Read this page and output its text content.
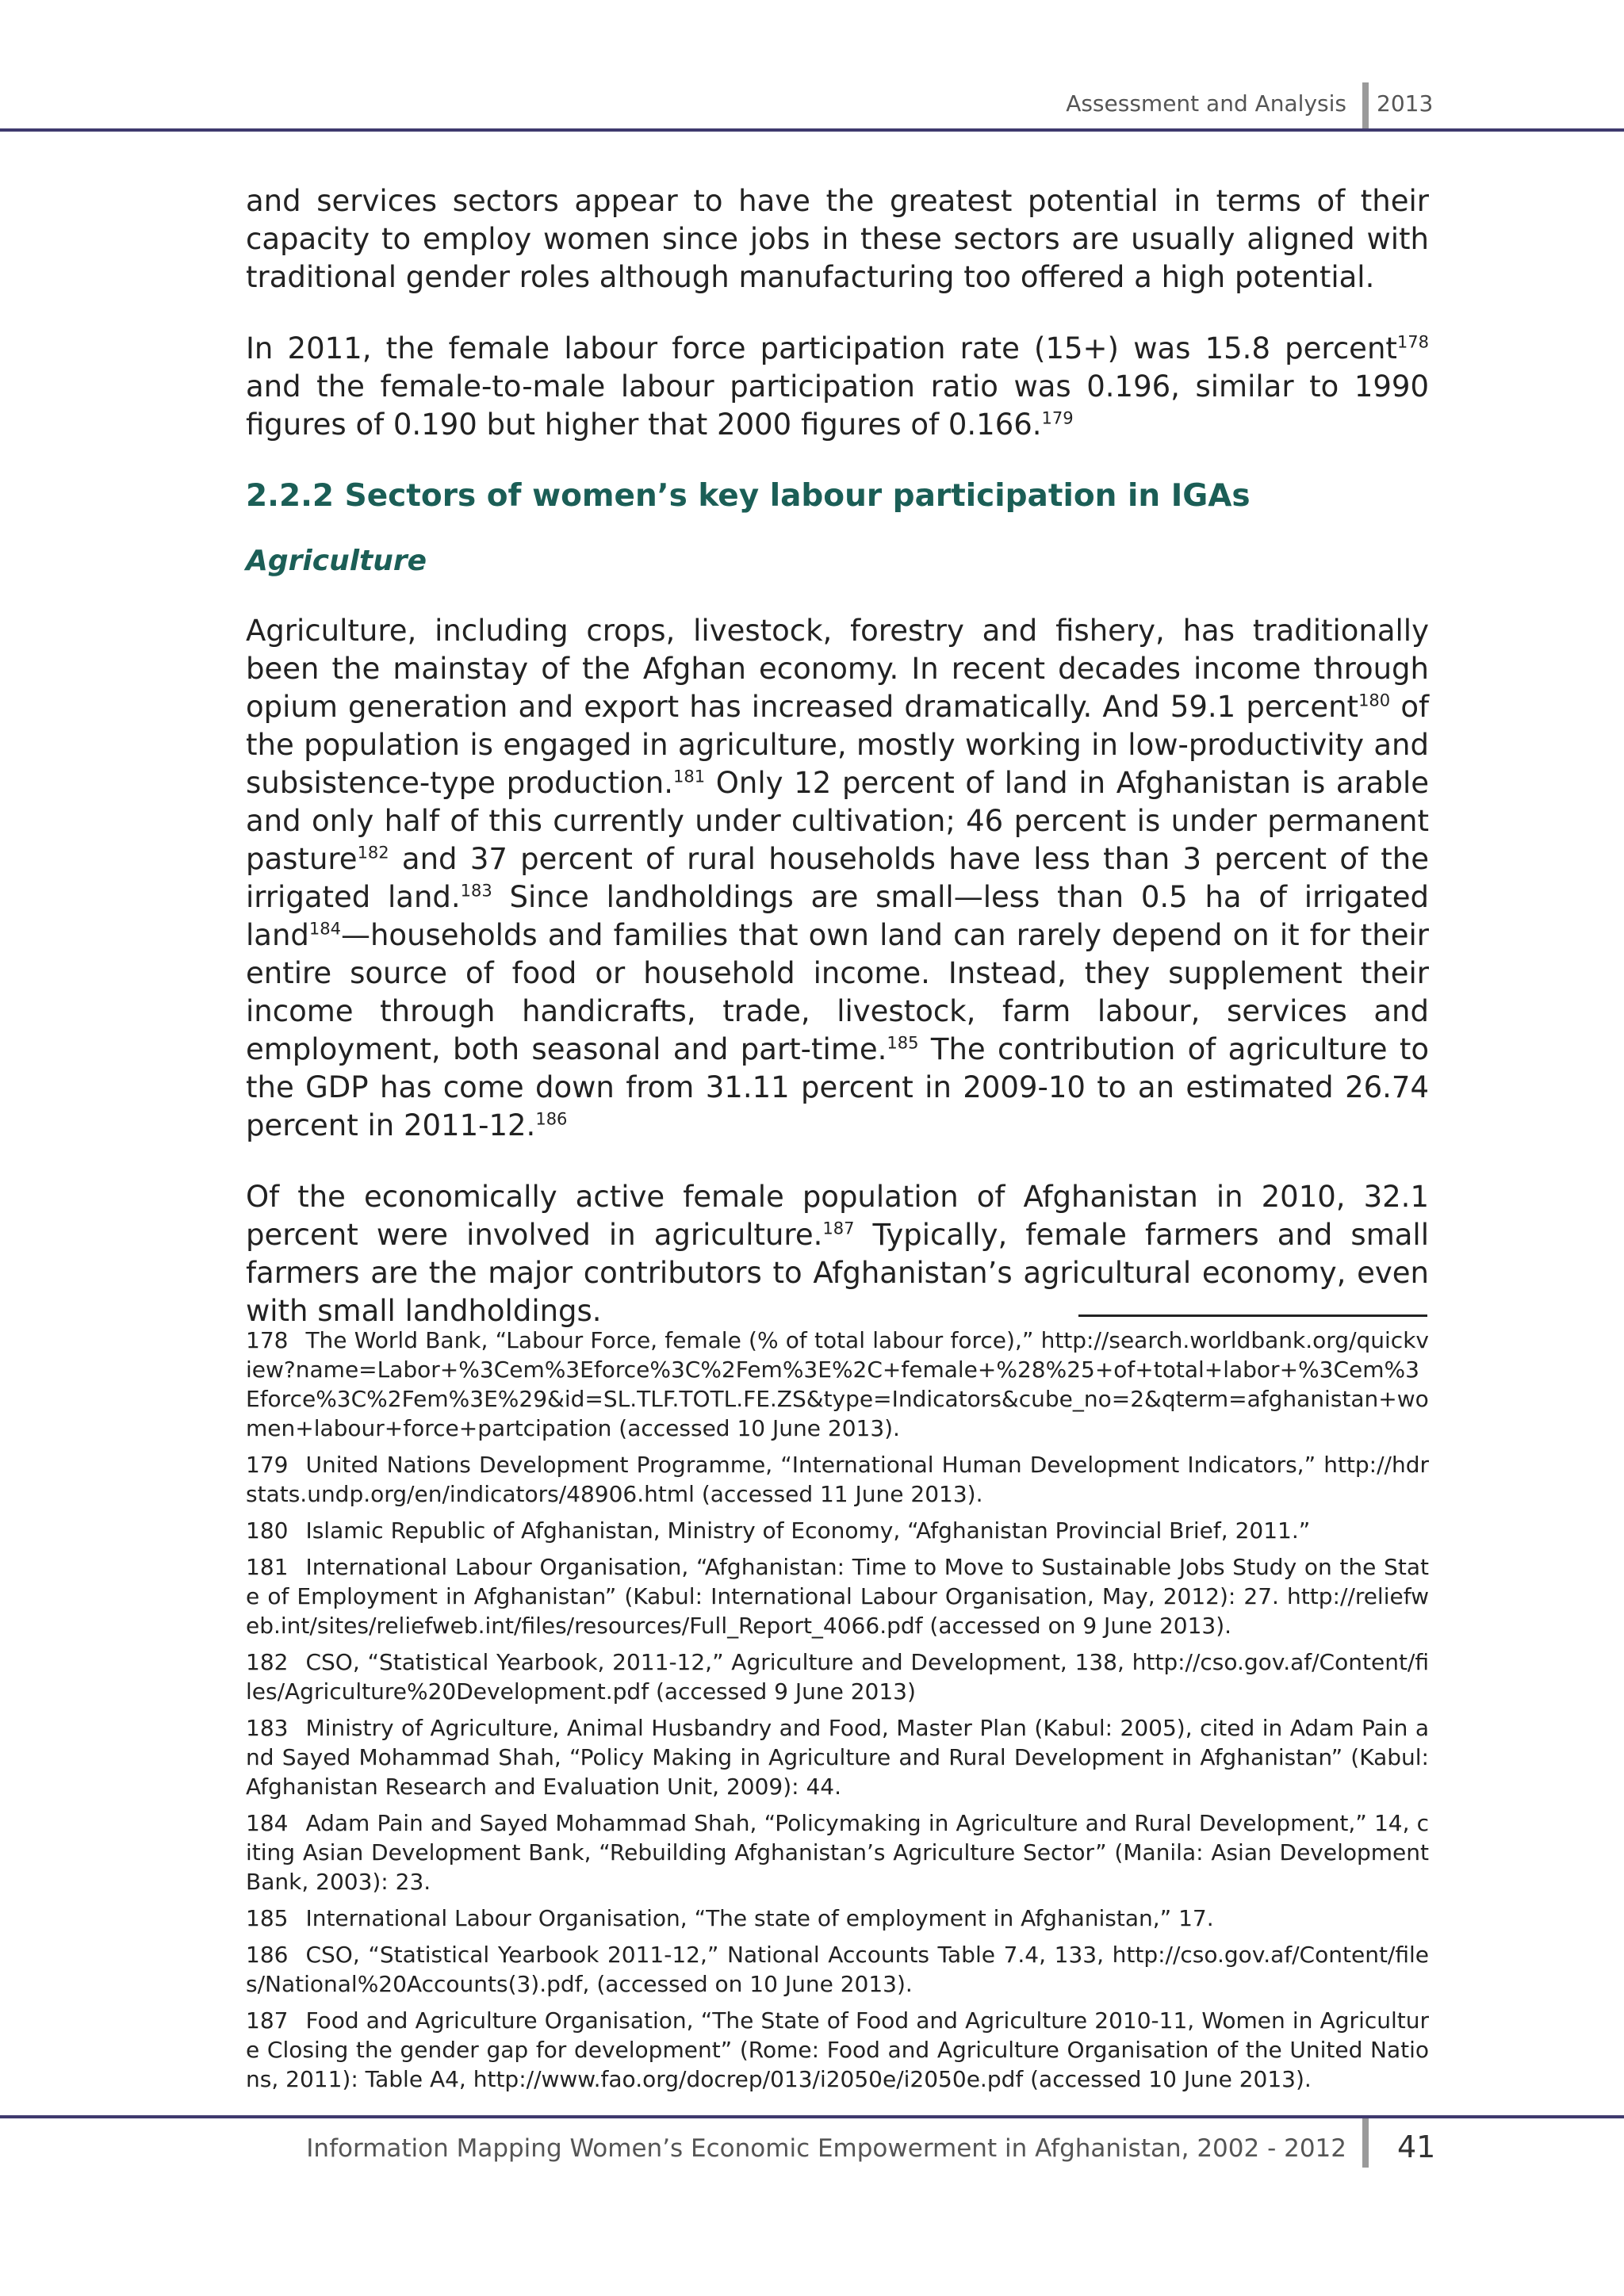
Assessment and Analysis 2013

and services sectors appear to have the greatest potential in terms of their capacity to employ women since jobs in these sectors are usually aligned with traditional gender roles although manufacturing too offered a high potential.

In 2011, the female labour force participation rate (15+) was 15.8 percent$^{178}$ and the female-to-male labour participation ratio was 0.196, similar to 1990 figures of 0.190 but higher that 2000 figures of 0.166.$^{179}$

2.2.2 Sectors of women’s key labour participation in IGAs
Agriculture

Agriculture, including crops, livestock, forestry and fishery, has traditionally been the mainstay of the Afghan economy. In recent decades income through opium generation and export has increased dramatically. And 59.1 percent$^{180}$ of the population is engaged in agriculture, mostly working in low-productivity and subsistence-type production.$^{181}$ Only 12 percent of land in Afghanistan is arable and only half of this currently under cultivation; 46 percent is under permanent pasture$^{182}$ and 37 percent of rural households have less than 3 percent of the irrigated land.$^{183}$ Since landholdings are small—less than 0.5 ha of irrigated land$^{184}$—households and families that own land can rarely depend on it for their entire source of food or household income. Instead, they supplement their income through handicrafts, trade, livestock, farm labour, services and employment, both seasonal and part-time.$^{185}$ The contribution of agriculture to the GDP has come down from 31.11 percent in 2009-10 to an estimated 26.74 percent in 2011-12.$^{186}$

Of the economically active female population of Afghanistan in 2010, 32.1 percent were involved in agriculture.$^{187}$ Typically, female farmers and small farmers are the major contributors to Afghanistan’s agricultural economy, even with small landholdings.

178 The World Bank, “Labour Force, female (% of total labour force),” http://search.worldbank.org/quickview?name=Labor+%3Cem%3Eforce%3C%2Fem%3E%2C+female+%28%25+of+total+labor+%3Cem%3Eforce%3C%2Fem%3E%29&id=SL.TLF.TOTL.FE.ZS&type=Indicators&cube_no=2&qterm=afghanistan+women+labour+force+partcipation (accessed 10 June 2013).

179 United Nations Development Programme, “International Human Development Indicators,” http://hdrstats.undp.org/en/indicators/48906.html (accessed 11 June 2013).

180 Islamic Republic of Afghanistan, Ministry of Economy, “Afghanistan Provincial Brief, 2011.”

181 International Labour Organisation, “Afghanistan: Time to Move to Sustainable Jobs Study on the State of Employment in Afghanistan” (Kabul: International Labour Organisation, May, 2012): 27. http://reliefweb.int/sites/reliefweb.int/files/resources/Full_Report_4066.pdf (accessed on 9 June 2013).

182 CSO, “Statistical Yearbook, 2011-12,” Agriculture and Development, 138, http://cso.gov.af/Content/files/Agriculture%20Development.pdf (accessed 9 June 2013)

183 Ministry of Agriculture, Animal Husbandry and Food, Master Plan (Kabul: 2005), cited in Adam Pain and Sayed Mohammad Shah, “Policy Making in Agriculture and Rural Development in Afghanistan” (Kabul: Afghanistan Research and Evaluation Unit, 2009): 44.

184 Adam Pain and Sayed Mohammad Shah, “Policymaking in Agriculture and Rural Development,” 14, citing Asian Development Bank, “Rebuilding Afghanistan’s Agriculture Sector” (Manila: Asian Development Bank, 2003): 23.

185 International Labour Organisation, “The state of employment in Afghanistan,” 17.

186 CSO, “Statistical Yearbook 2011-12,” National Accounts Table 7.4, 133, http://cso.gov.af/Content/files/National%20Accounts(3).pdf, (accessed on 10 June 2013).

187 Food and Agriculture Organisation, “The State of Food and Agriculture 2010-11, Women in Agriculture Closing the gender gap for development” (Rome: Food and Agriculture Organisation of the United Nations, 2011): Table A4, http://www.fao.org/docrep/013/i2050e/i2050e.pdf (accessed 10 June 2013).

Information Mapping Women’s Economic Empowerment in Afghanistan, 2002 - 2012 41
